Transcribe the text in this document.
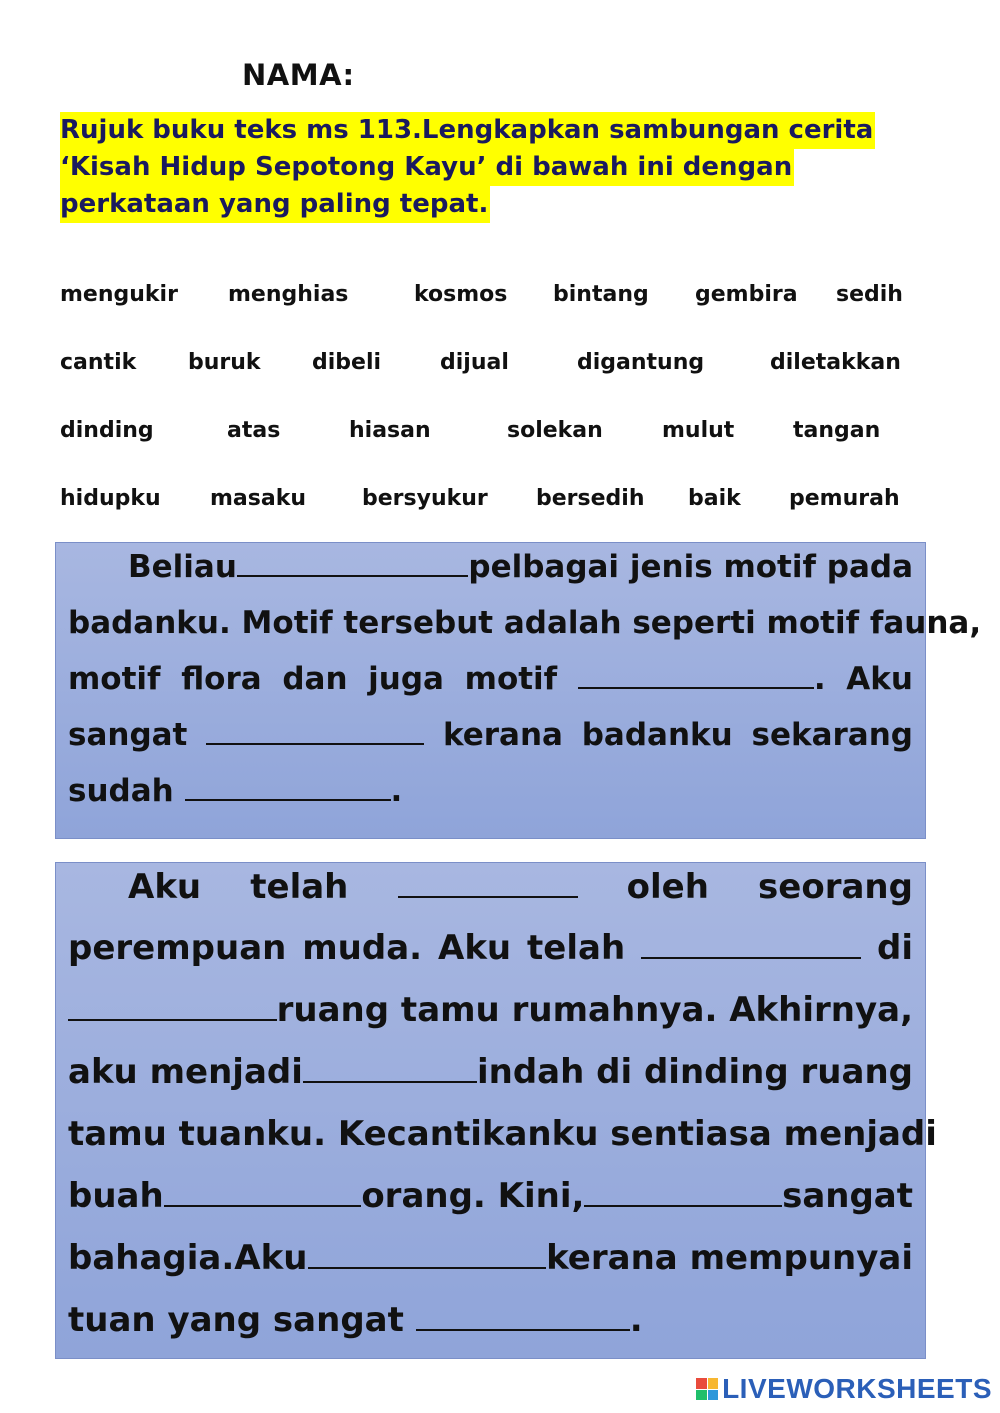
NAMA:
Rujuk buku teks ms 113.Lengkapkan sambungan cerita
‘Kisah Hidup Sepotong Kayu’ di bawah ini dengan
perkataan yang paling tepat.
mengukir menghias	kosmos bintang gembira sedih
cantik buruk dibeli	dijual	digantung	diletakkan
dinding	atas	hiasan	solekan	mulut	tangan
hidupku masaku	bersyukur bersedih baik pemurah
Beliau	pelbagai jenis motif pada
badanku. Motif tersebut adalah seperti motif fauna,
motif flora dan juga motif	. Aku
sangat	kerana badanku sekarang
sudah
	.
Aku telah	oleh seorang
perempuan muda. Aku telah	di
ruang tamu rumahnya. Akhirnya,
aku menjadi	indah di dinding ruang
tamu tuanku. Kecantikanku sentiasa menjadi
buah	orang. Kini,	sangat
bahagia.Aku	kerana mempunyai
tuan yang sangat
	.
LIVEWORKSHEETS
